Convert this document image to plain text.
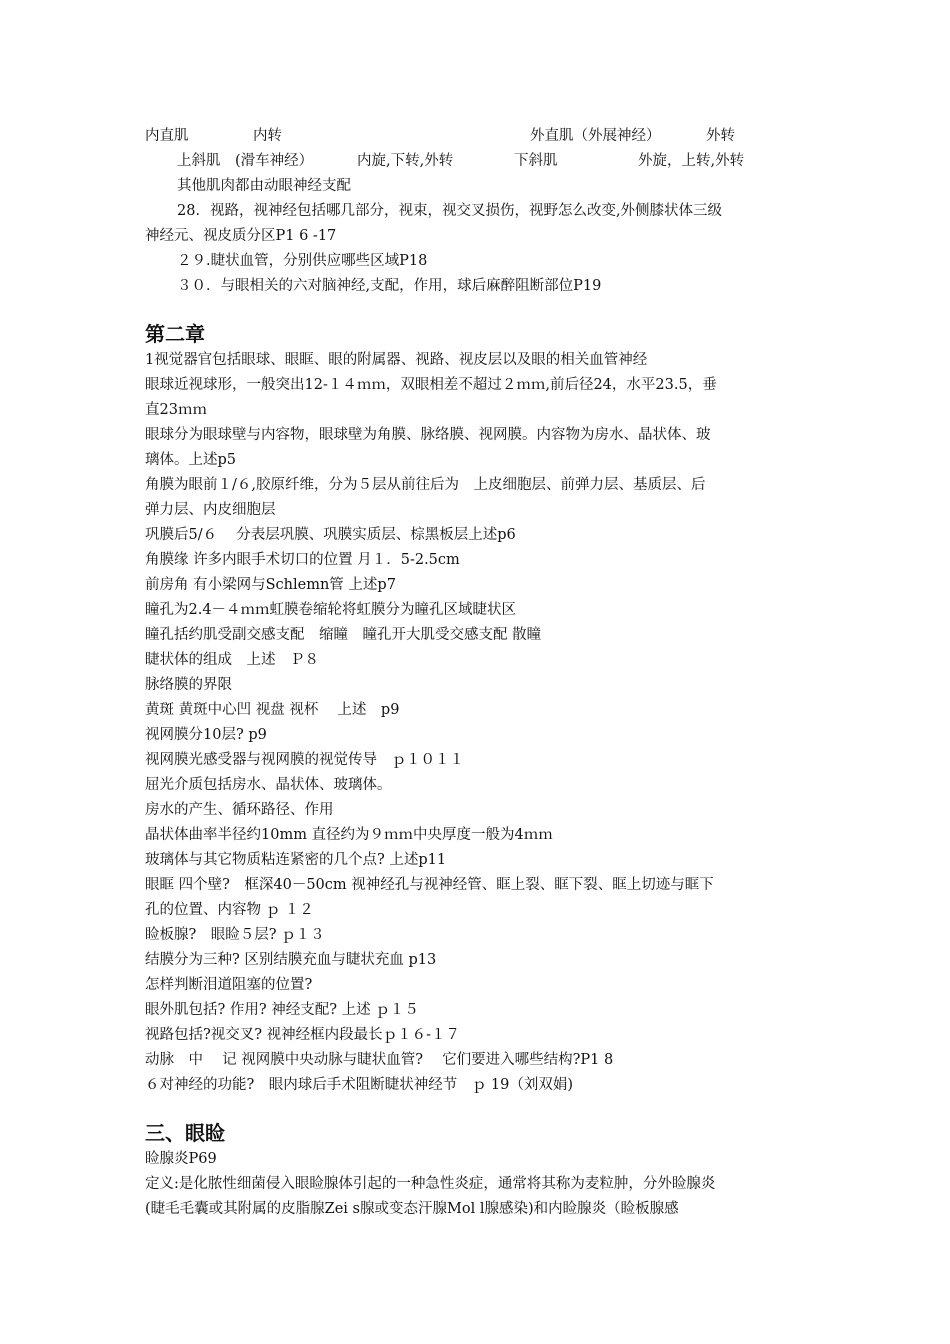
内直肌	内转	外直肌（外展神经）	外转
上斜肌　(滑车神经）	内旋,下转,外转	下斜肌	外旋，上转,外转
其他肌肉都由动眼神经支配
28．视路，视神经包括哪几部分，视束，视交叉损伤，视野怎么改变,外侧膝状体三级
神经元、视皮质分区P1 6 -17
２９.睫状血管，分别供应哪些区域P18
３０．与眼相关的六对脑神经,支配，作用，球后麻醉阻断部位P19
第二章
1视觉器官包括眼球、眼眶、眼的附属器、视路、视皮层以及眼的相关血管神经
眼球近视球形，一般突出12-１４ｍｍ，双眼相差不超过２ｍｍ,前后径24，水平23.5，垂
直23ｍｍ
眼球分为眼球壁与内容物，眼球壁为角膜、脉络膜、视网膜。内容物为房水、晶状体、玻
璃体。上述p5
角膜为眼前１/６,胶原纤维，分为５层从前往后为　上皮细胞层、前弹力层、基质层、后
弹力层、内皮细胞层
巩膜后5/６　 分表层巩膜、巩膜实质层、棕黑板层上述p6
角膜缘 许多内眼手术切口的位置 月１．5-2.5cm
前房角 有小梁网与Schlemn管 上述p7
瞳孔为2.4－４ｍｍ虹膜卷缩轮将虹膜分为瞳孔区域睫状区
瞳孔括约肌受副交感支配　缩瞳　瞳孔开大肌受交感支配 散瞳
睫状体的组成　上述　Ｐ８
脉络膜的界限
黄斑 黄斑中心凹 视盘 视杯　 上述　p9
视网膜分10层? p9
视网膜光感受器与视网膜的视觉传导　ｐ１０１１
屈光介质包括房水、晶状体、玻璃体。
房水的产生、循环路径、作用
晶状体曲率半径约10mm 直径约为９ｍｍ中央厚度一般为4ｍｍ
玻璃体与其它物质粘连紧密的几个点? 上述p11
眼眶 四个壁?　框深40－50cm 视神经孔与视神经管、眶上裂、眶下裂、眶上切迹与眶下
孔的位置、内容物 ｐ １２
睑板腺?　眼睑５层? ｐ１３
结膜分为三种? 区别结膜充血与睫状充血 p13
怎样判断泪道阻塞的位置?
眼外肌包括? 作用? 神经支配? 上述 ｐ１５
视路包括?视交叉? 视神经框内段最长ｐ１６-１７
动脉　中　 记 视网膜中央动脉与睫状血管?　 它们要进入哪些结构?P1 8
６对神经的功能?　眼内球后手术阻断睫状神经节　ｐ 19（刘双娟)
三、眼睑
睑腺炎P69
定义:是化脓性细菌侵入眼睑腺体引起的一种急性炎症，通常将其称为麦粒肿，分外睑腺炎
(睫毛毛囊或其附属的皮脂腺Zei s腺或变态汗腺Mol l腺感染)和内睑腺炎（睑板腺感
